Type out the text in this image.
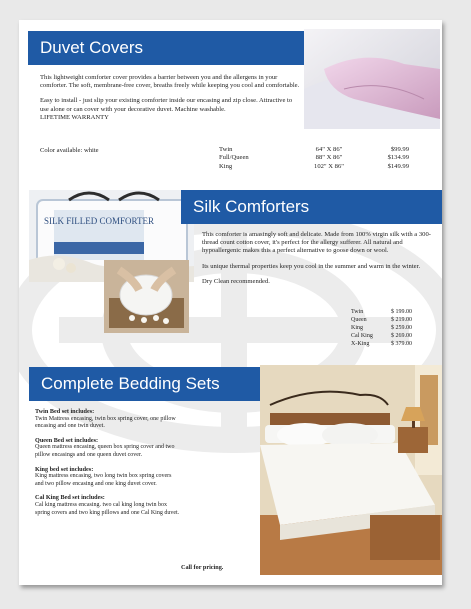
Duvet Covers

This lightweight comforter cover provides a barrier between you and the allergens in your comforter. The soft, membrane-free cover, breaths freely while keeping you cool and comfortable.

Easy to install - just slip your existing comforter inside our encasing and zip close. Attractive to use alone or can cover with your decorative duvet. Machine washable.
LIFETIME WARRANTY
Color available: white	Twin	64" X 86"	$99.99
Full/Queen	88" X 86"	$134.99
King	102" X 86"	$149.99
SILK FILLED COMFORTER
Silk Comforters

This comforter is amasingly soft and delicate. Made from 100% virgin silk with a 300-thread count cotton cover, it's perfect for the allergy sufferer. All natural and hypoallergenic makes this a perfect alternative to goose down or wool.

Its unique thermal properties keep you cool in the summer and warm in the winter.

Dry Clean recommended.

Twin	$ 199.00
Queen	$ 219.00
King	$ 259.00
Cal King	$ 269.00
X-King	$ 379.00
Complete Bedding Sets
Twin Bed set includes:
Twin Mattress encasing, twin box spring cover, one pillow encasing and one twin duvet.
Queen Bed set includes:
Queen mattress encasing, queen box spring cover and two pillow encasings and one queen duvet cover.
King bed set includes:
King mattress encasing, two long twin box spring covers and two pillow encasing and one king duvet cover.
Cal King Bed set includes:
Cal king mattress encasing. two cal king long twin box spring covers and two king pillows and one Cal King duvet.
Call for pricing.
